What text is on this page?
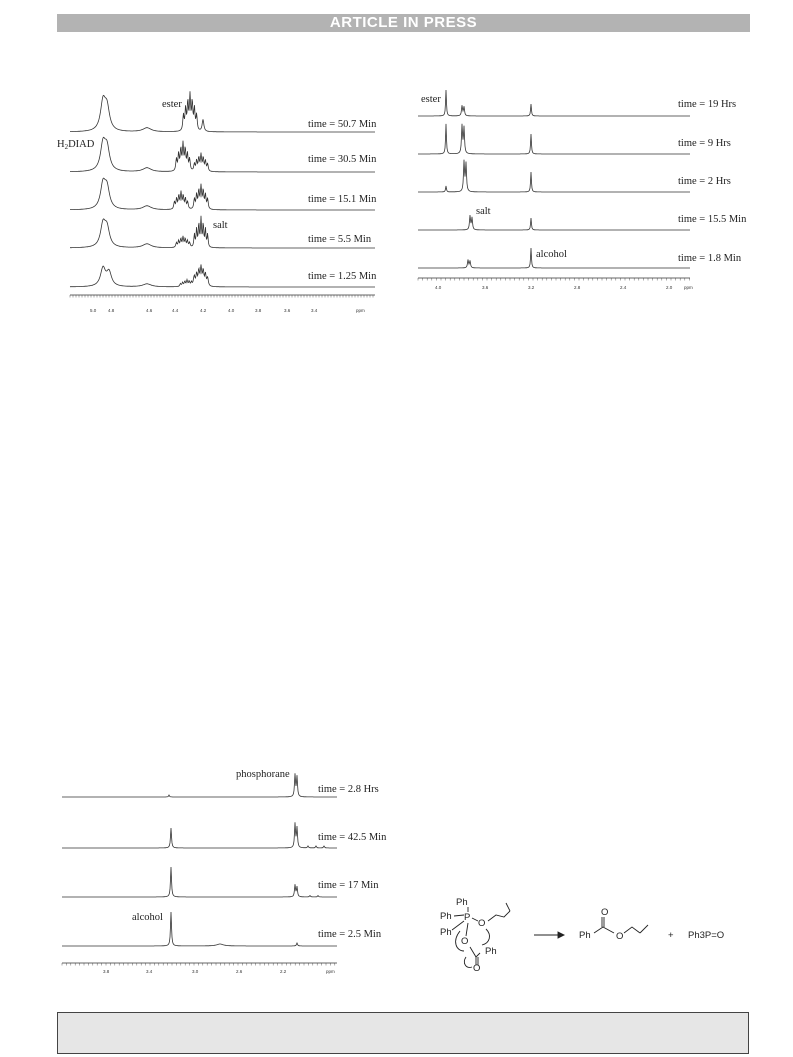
ARTICLE IN PRESS
5.0	4.8	4.6	4.4	4.2	4.0	3.8	3.6	3.4	ppm
ester
H2DIAD
salt
time = 50.7 Min
time = 30.5 Min
time = 15.1 Min
time = 5.5 Min
time = 1.25 Min
4.0	3.6	3.2	2.8	2.4	2.0	ppm
ester
salt
alcohol
time = 19 Hrs
time = 9 Hrs
time = 2 Hrs
time = 15.5 Min
time = 1.8 Min
3.8	3.4	3.0	2.6	2.2	ppm
phosphorane
alcohol
time = 2.8 Hrs
time = 42.5 Min
time = 17 Min
time = 2.5 Min
Ph
Ph P
Ph
O
O
Ph
O
O
Ph	O	+ Ph3P=O
